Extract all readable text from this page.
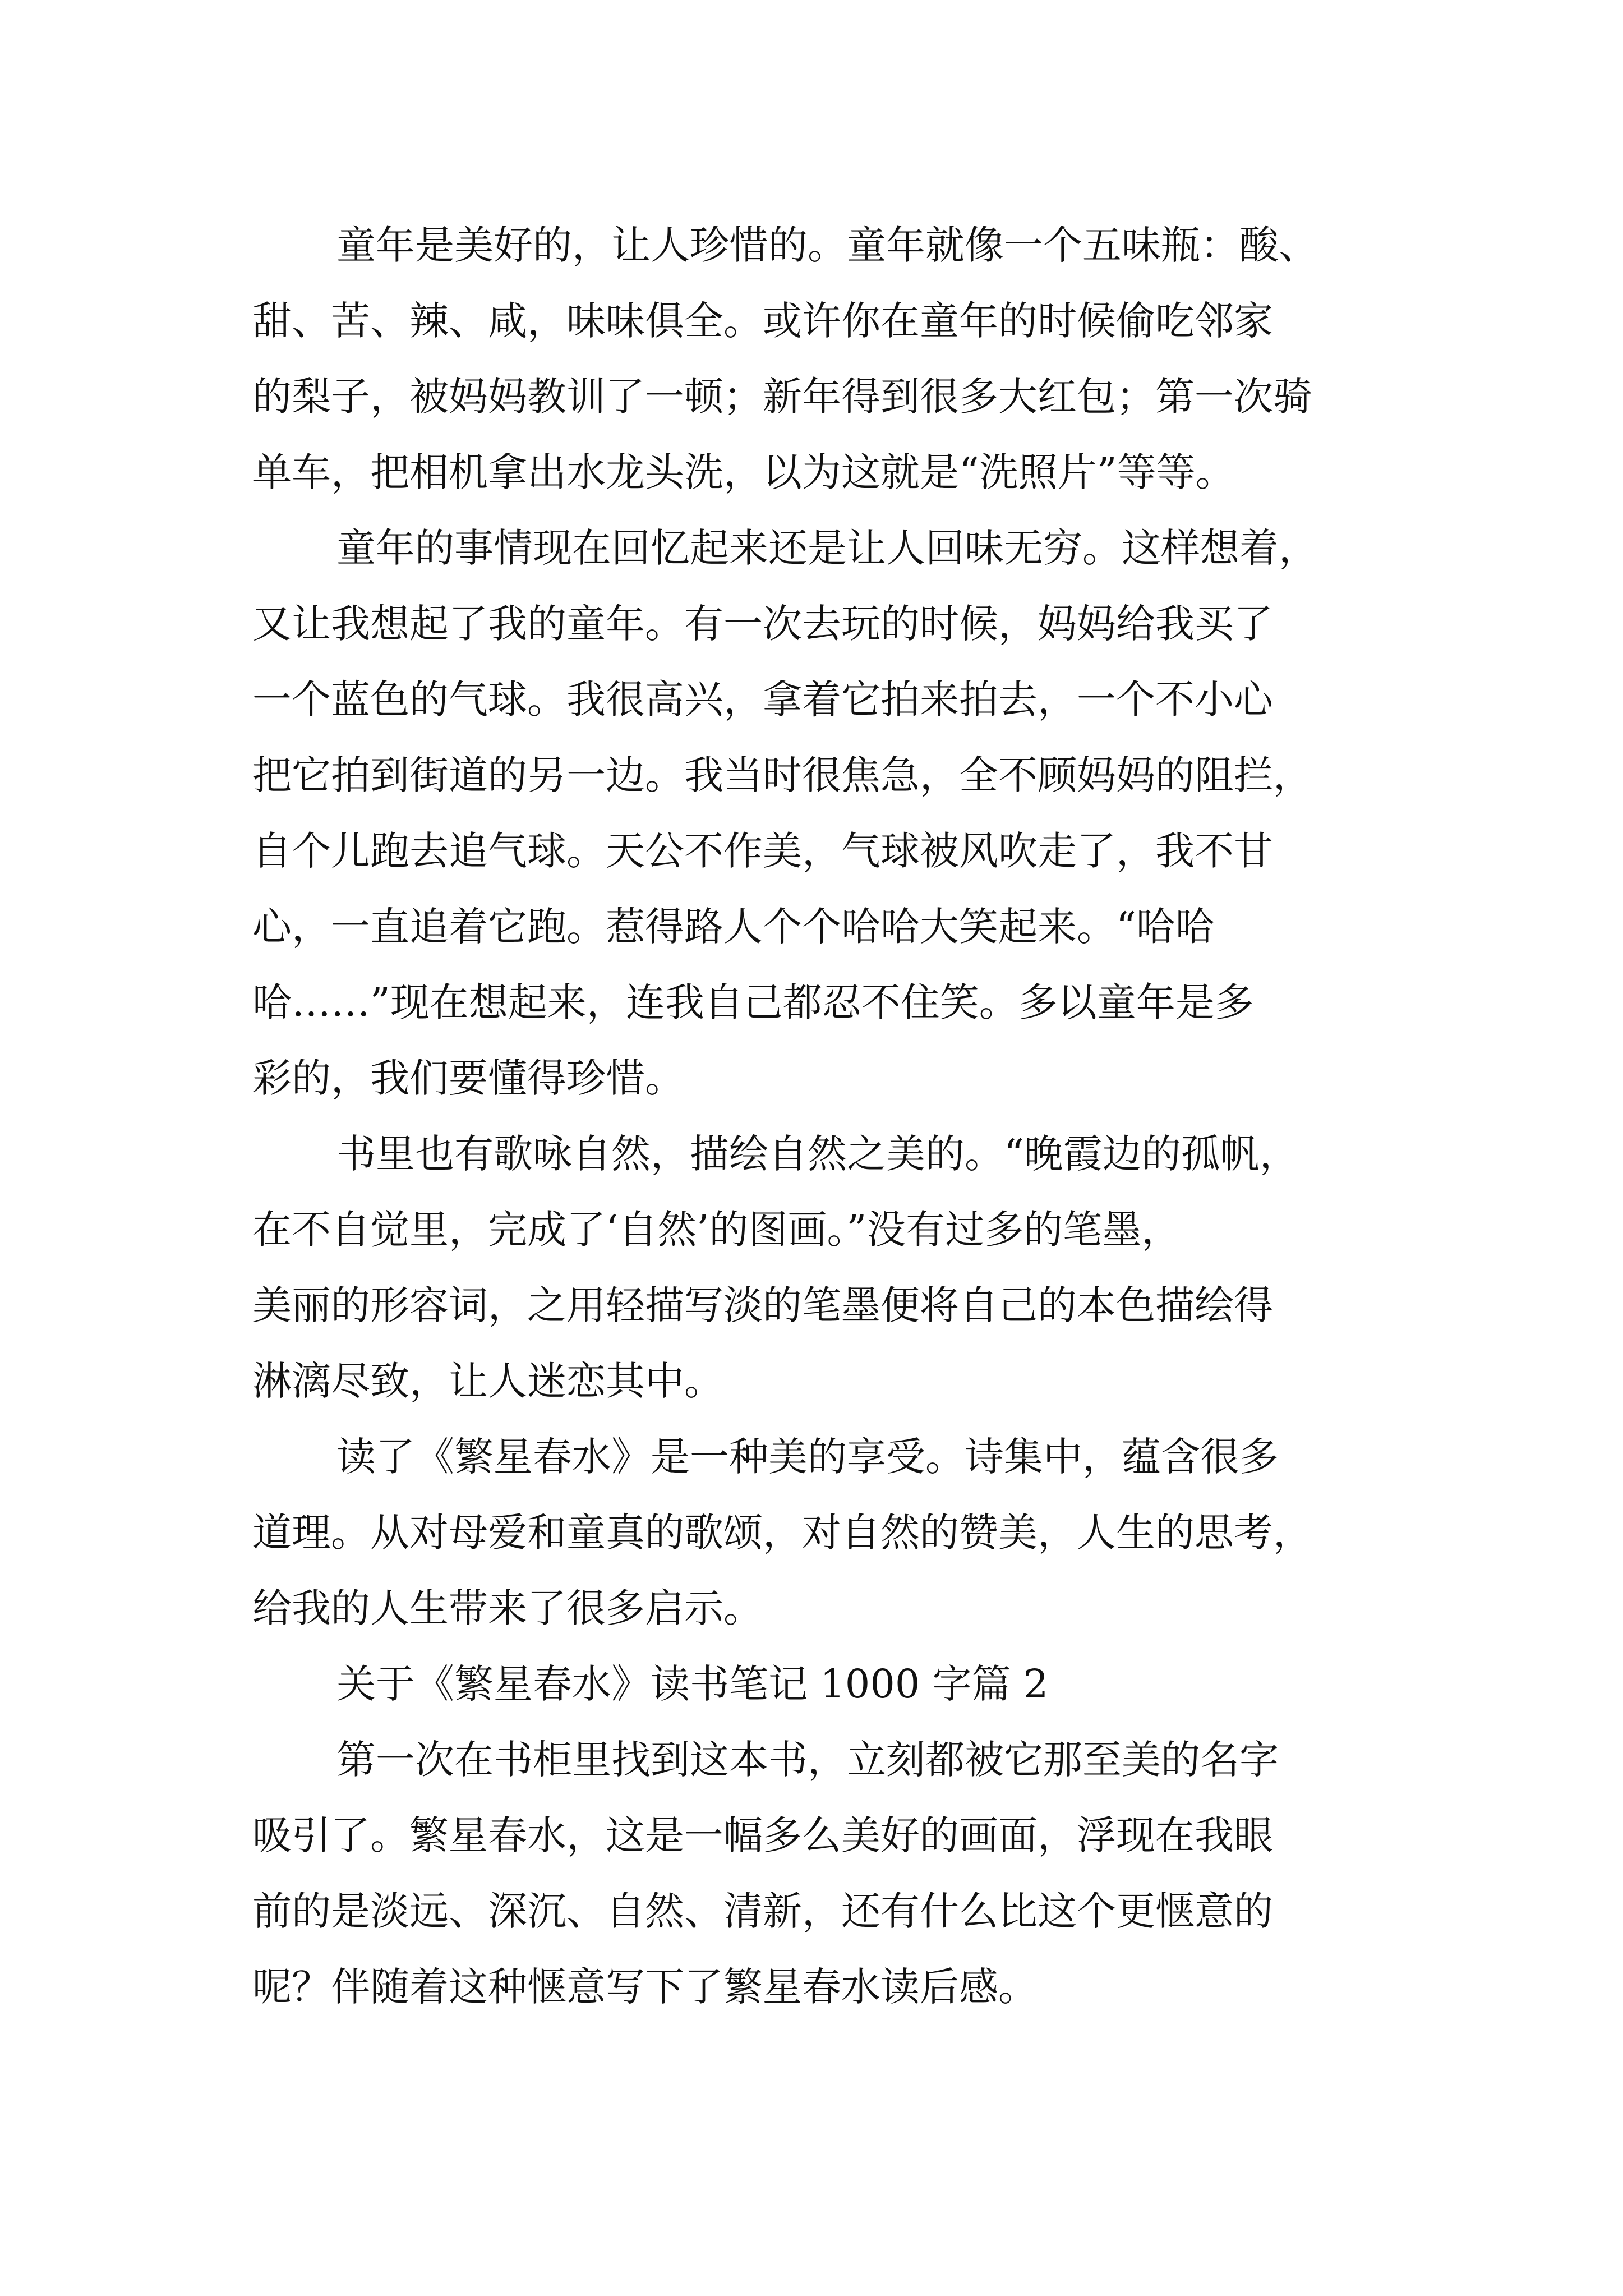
童年是美好的，让人珍惜的。童年就像一个五味瓶：酸、
甜、苦、辣、咸，味味俱全。或许你在童年的时候偷吃邻家
的梨子，被妈妈教训了一顿；新年得到很多大红包；第一次骑
单车，把相机拿出水龙头洗，以为这就是“洗照片”等等。
童年的事情现在回忆起来还是让人回味无穷。这样想着，
又让我想起了我的童年。有一次去玩的时候，妈妈给我买了
一个蓝色的气球。我很高兴，拿着它拍来拍去，一个不小心
把它拍到街道的另一边。我当时很焦急，全不顾妈妈的阻拦，
自个儿跑去追气球。天公不作美，气球被风吹走了，我不甘
心，一直追着它跑。惹得路人个个哈哈大笑起来。“哈哈
哈……”现在想起来，连我自己都忍不住笑。多以童年是多
彩的，我们要懂得珍惜。
书里也有歌咏自然，描绘自然之美的。“晚霞边的孤帆，
在不自觉里，完成了‘自然’的图画。”没有过多的笔墨，
美丽的形容词，之用轻描写淡的笔墨便将自己的本色描绘得
淋漓尽致，让人迷恋其中。
读了《繁星春水》是一种美的享受。诗集中，蕴含很多
道理。从对母爱和童真的歌颂，对自然的赞美，人生的思考，
给我的人生带来了很多启示。
关于《繁星春水》读书笔记 1000 字篇 2
第一次在书柜里找到这本书，立刻都被它那至美的名字
吸引了。繁星春水，这是一幅多么美好的画面，浮现在我眼
前的是淡远、深沉、自然、清新，还有什么比这个更惬意的
呢？伴随着这种惬意写下了繁星春水读后感。
